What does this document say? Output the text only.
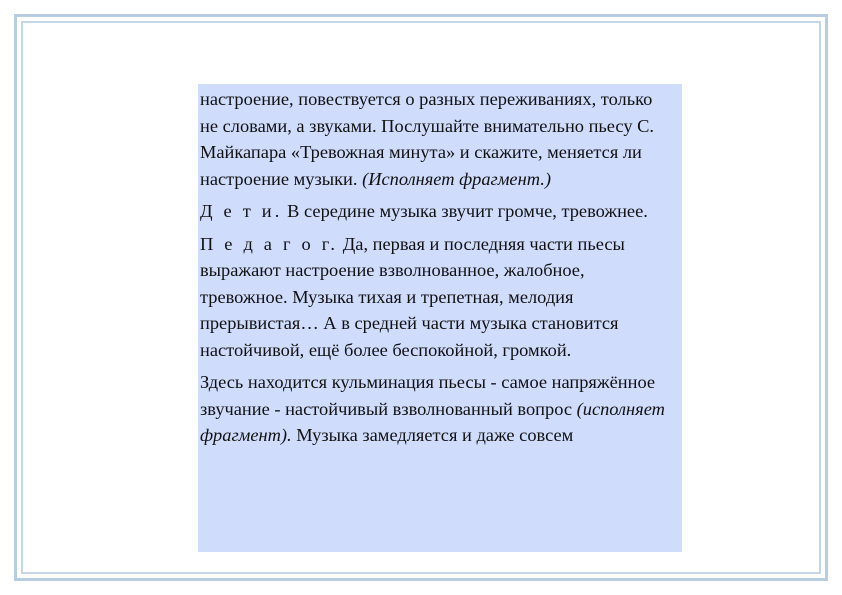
настроение, повествуется о разных переживаниях, только не словами, а звуками. Послушайте внимательно пьесу С. Майкапара «Тревожная минута» и скажите, меняется ли настроение музыки. (Исполняет фрагмент.)

Д е т и. В середине музыка звучит громче, тревожнее.

П е д а г о г. Да, первая и последняя части пьесы выражают настроение взволнованное, жалобное, тревожное. Музыка тихая и трепетная, мелодия прерывистая… А в средней части музыка становится настойчивой, ещё более беспокойной, громкой.

Здесь находится кульминация пьесы - самое напряжённое звучание - настойчивый взволнованный вопрос (исполняет фрагмент). Музыка замедляется и даже совсем
